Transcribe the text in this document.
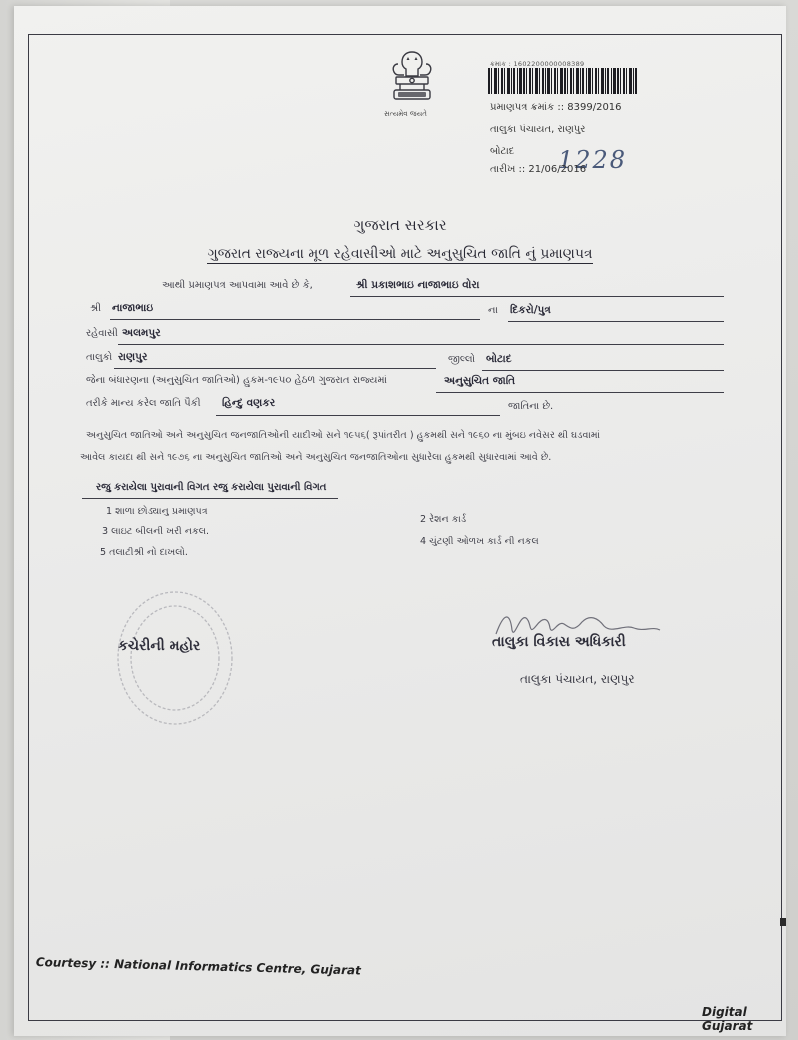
સત્યમેવ જયતે
ક્રમાંક : 1602200000008389
પ્રમાણપત્ર ક્રમાંક :: 8399/2016
તાલુકા પંચાયત, રાણપુર
બોટાદ 1228
તારીખ :: 21/06/2016
ગુજરાત સરકાર
ગુજરાત રાજ્યના મૂળ રહેવાસીઓ માટે અનુસુચિત જાતિ નું પ્રમાણપત્ર
આથી પ્રમાણપત્ર આપવામા આવે છે કે,	શ્રી પ્રકાશભાઇ નાજાભાઇ વોરા
શ્રી નાજાભાઇ	ના દિકરો/પુત્ર
રહેવાસી અલમપુર
તાલુકો રાણપુર	જીલ્લો બોટાદ
જેના બંધારણના (અનુસુચિત જાતિઓ) હુકમ-૧૯૫૦ હેઠળ ગુજરાત રાજ્યમાં	અનુસુચિત જાતિ
તરીકે માન્ય કરેલ જાતિ પૈકી હિન્દુ વણકર	જાતિના છે.
અનુસુચિત જાતિઓ અને અનુસુચિત જનજાતિઓની યાદીઓ સને ૧૯૫૬( રૂપાંતરીત ) હુકમથી સને ૧૯૬૦ ના મુંબઇ નવેસર થી ઘડવામાં
આવેલ કાયદા થી સને ૧૯૭૬ ના અનુસુચિત જાતિઓ અને અનુસુચિત જનજાતિઓના સુધારેલા હુકમથી સુધારવામાં આવે છે.
રજુ કરાયેલા પુરાવાની વિગત રજુ કરાયેલા પુરાવાની વિગત
1 શાળા છોડ્યાનુ પ્રમાણપત્ર
2 રેશન કાર્ડ
3 લાઇટ બીલની ખરી નકલ.
4 ચુંટણી ઓળખ કાર્ડ ની નકલ
5 તલાટીશ્રી નો દાખલો.
કચેરીની મહોર	તાલુકા વિકાસ અધિકારી
તાલુકા પંચાયત, રાણપુર
Courtesy :: National Informatics Centre, Gujarat
Digital Gujarat
